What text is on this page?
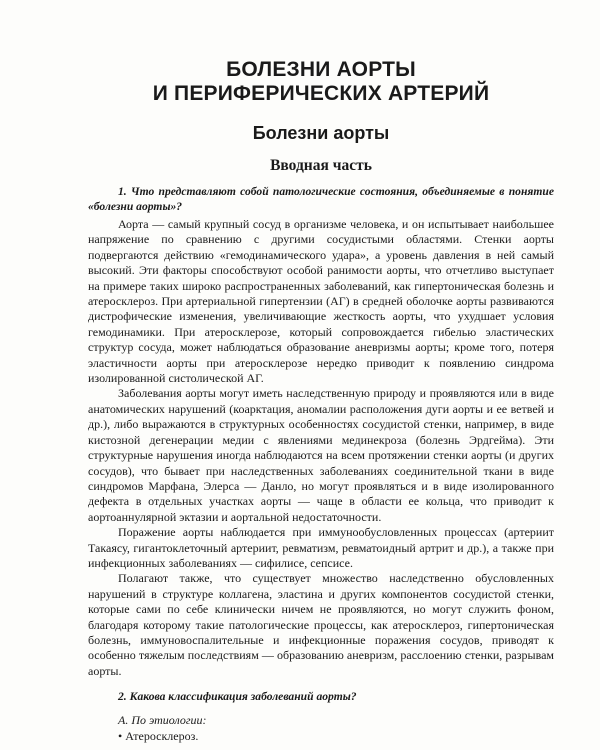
БОЛЕЗНИ АОРТЫ
И ПЕРИФЕРИЧЕСКИХ АРТЕРИЙ
Болезни аорты
Вводная часть

1. Что представляют собой патологические состояния, объединяемые в понятие «болезни аорты»?

Аорта — самый крупный сосуд в организме человека, и он испытывает наибольшее напряжение по сравнению с другими сосудистыми областями. Стенки аорты подвергаются действию «гемодинамического удара», а уровень давления в ней самый высокий. Эти факторы способствуют особой ранимости аорты, что отчетливо выступает на примере таких широко распространенных заболеваний, как гипертоническая болезнь и атеросклероз. При артериальной гипертензии (АГ) в средней оболочке аорты развиваются дистрофические изменения, увеличивающие жесткость аорты, что ухудшает условия гемодинамики. При атеросклерозе, который сопровождается гибелью эластических структур сосуда, может наблюдаться образование аневризмы аорты; кроме того, потеря эластичности аорты при атеросклерозе нередко приводит к появлению синдрома изолированной систолической АГ.

Заболевания аорты могут иметь наследственную природу и проявляются или в виде анатомических нарушений (коарктация, аномалии расположения дуги аорты и ее ветвей и др.), либо выражаются в структурных особенностях сосудистой стенки, например, в виде кистозной дегенерации медии с явлениями мединекроза (болезнь Эрдгейма). Эти структурные нарушения иногда наблюдаются на всем протяжении стенки аорты (и других сосудов), что бывает при наследственных заболеваниях соединительной ткани в виде синдромов Марфана, Элерса — Данло, но могут проявляться и в виде изолированного дефекта в отдельных участках аорты — чаще в области ее кольца, что приводит к аортоаннулярной эктазии и аортальной недостаточности.

Поражение аорты наблюдается при иммунообусловленных процессах (артериит Такаясу, гигантоклеточный артериит, ревматизм, ревматоидный артрит и др.), а также при инфекционных заболеваниях — сифилисе, сепсисе.

Полагают также, что существует множество наследственно обусловленных нарушений в структуре коллагена, эластина и других компонентов сосудистой стенки, которые сами по себе клинически ничем не проявляются, но могут служить фоном, благодаря которому такие патологические процессы, как атеросклероз, гипертоническая болезнь, иммуновоспалительные и инфекционные поражения сосудов, приводят к особенно тяжелым последствиям — образованию аневризм, расслоению стенки, разрывам аорты.

2. Какова классификация заболеваний аорты?

А. По этиологии:

• Атеросклероз.
